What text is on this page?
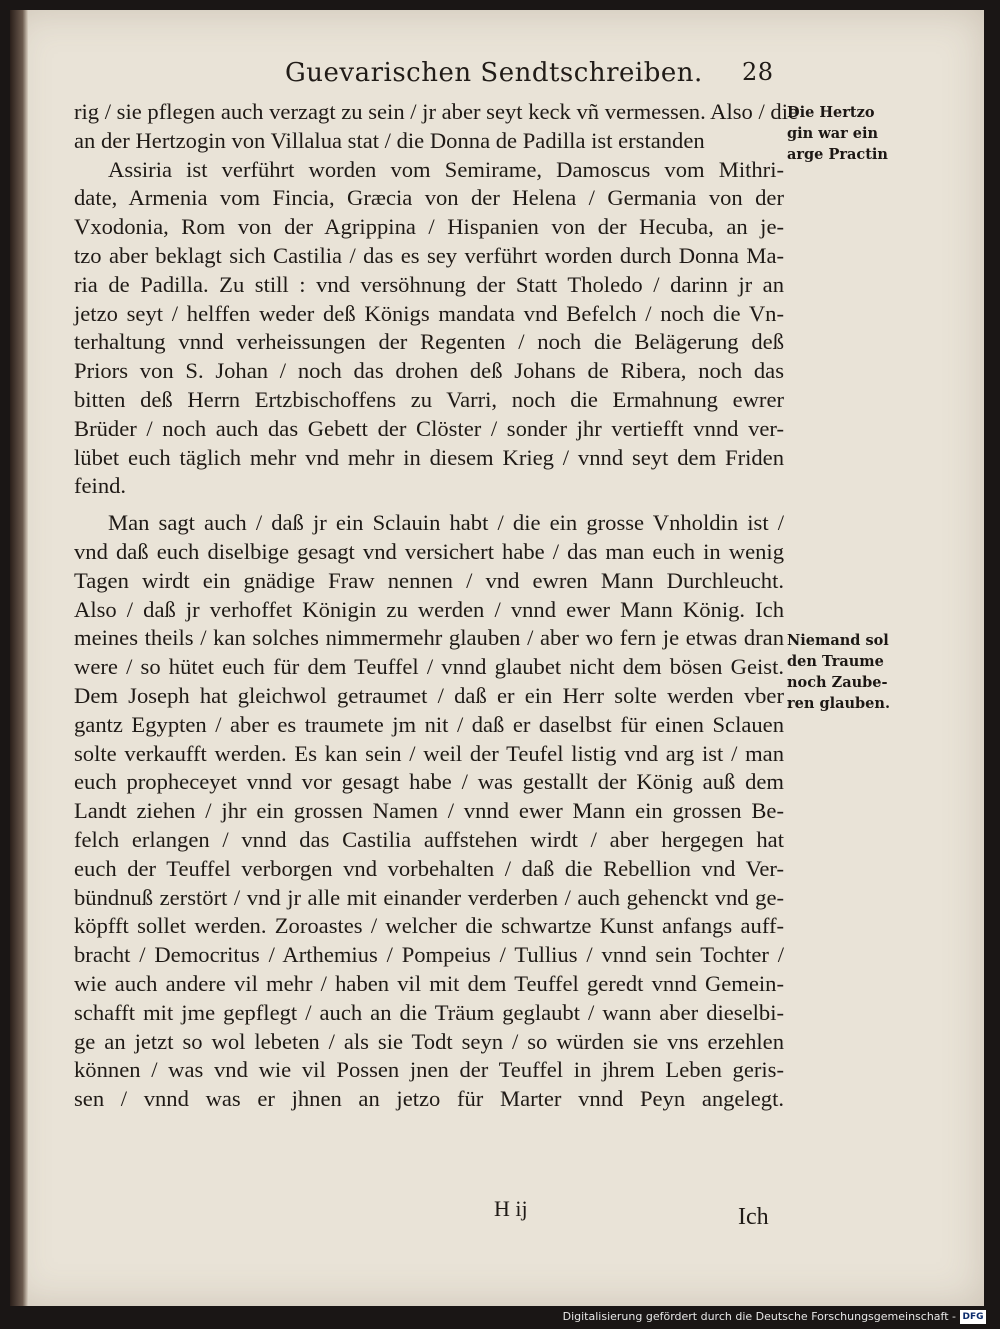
Guevarischen Sendtschreiben. 28
rig / sie pflegen auch verzagt zu sein / jr aber seyt keck vñ vermessen. Also / die
an der Hertzogin von Villalua stat / die Donna de Padilla ist erstanden
Assiria ist verführt worden vom Semirame, Damoscus vom Mithri-
date, Armenia vom Fincia, Græcia von der Helena / Germania von der
Vxodonia, Rom von der Agrippina / Hispanien von der Hecuba, an je-
tzo aber beklagt sich Castilia / das es sey verführt worden durch Donna Ma-
ria de Padilla. Zu still : vnd versöhnung der Statt Tholedo / darinn jr an
jetzo seyt / helffen weder deß Königs mandata vnd Befelch / noch die Vn-
terhaltung vnnd verheissungen der Regenten / noch die Belägerung deß
Priors von S. Johan / noch das drohen deß Johans de Ribera, noch das
bitten deß Herrn Ertzbischoffens zu Varri, noch die Ermahnung ewrer
Brüder / noch auch das Gebett der Clöster / sonder jhr vertiefft vnnd ver-
lübet euch täglich mehr vnd mehr in diesem Krieg / vnnd seyt dem Friden
feind.
Man sagt auch / daß jr ein Sclauin habt / die ein grosse Vnholdin ist /
vnd daß euch diselbige gesagt vnd versichert habe / das man euch in wenig
Tagen wirdt ein gnädige Fraw nennen / vnd ewren Mann Durchleucht.
Also / daß jr verhoffet Königin zu werden / vnnd ewer Mann König. Ich
meines theils / kan solches nimmermehr glauben / aber wo fern je etwas dran
were / so hütet euch für dem Teuffel / vnnd glaubet nicht dem bösen Geist.
Dem Joseph hat gleichwol getraumet / daß er ein Herr solte werden vber
gantz Egypten / aber es traumete jm nit / daß er daselbst für einen Sclauen
solte verkaufft werden. Es kan sein / weil der Teufel listig vnd arg ist / man
euch propheceyet vnnd vor gesagt habe / was gestallt der König auß dem
Landt ziehen / jhr ein grossen Namen / vnnd ewer Mann ein grossen Be-
felch erlangen / vnnd das Castilia auffstehen wirdt / aber hergegen hat
euch der Teuffel verborgen vnd vorbehalten / daß die Rebellion vnd Ver-
bündnuß zerstört / vnd jr alle mit einander verderben / auch gehenckt vnd ge-
köpfft sollet werden. Zoroastes / welcher die schwartze Kunst anfangs auff-
bracht / Democritus / Arthemius / Pompeius / Tullius / vnnd sein Tochter /
wie auch andere vil mehr / haben vil mit dem Teuffel geredt vnnd Gemein-
schafft mit jme gepflegt / auch an die Träum geglaubt / wann aber dieselbi-
ge an jetzt so wol lebeten / als sie Todt seyn / so würden sie vns erzehlen
können / was vnd wie vil Possen jnen der Teuffel in jhrem Leben geris-
sen / vnnd was er jhnen an jetzo für Marter vnnd Peyn angelegt.
Die Hertzo
gin war ein
arge Practin
Niemand sol
den Traume
noch Zaube-
ren glauben.
H ij	Ich
Digitalisierung gefördert durch die Deutsche Forschungsgemeinschaft - DFG
